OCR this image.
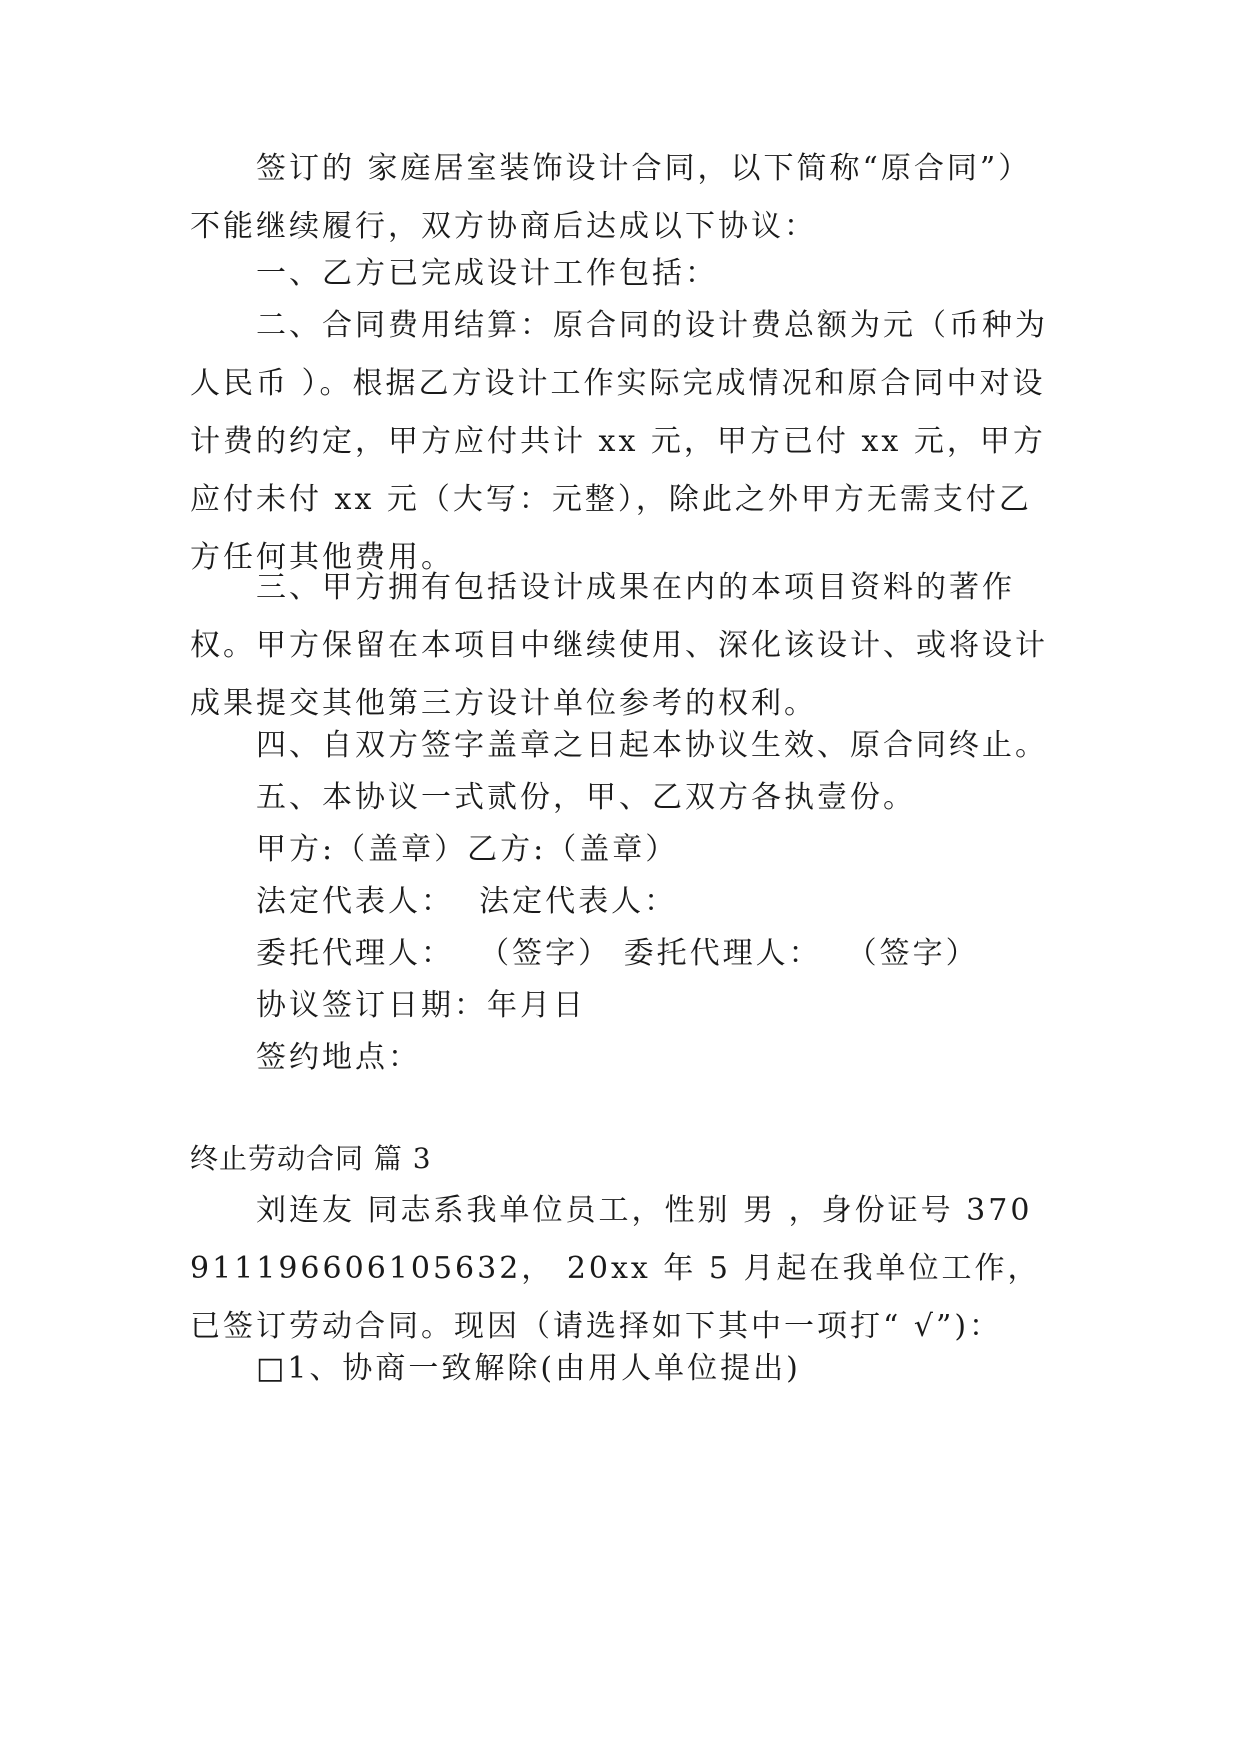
签订的 家庭居室装饰设计合同，以下简称“原合同”）不能继续履行，双方协商后达成以下协议：

一、乙方已完成设计工作包括：

二、合同费用结算：原合同的设计费总额为元（币种为人民币 ）。根据乙方设计工作实际完成情况和原合同中对设计费的约定，甲方应付共计 xx 元，甲方已付 xx 元，甲方应付未付 xx 元（大写：元整），除此之外甲方无需支付乙方任何其他费用。

三、甲方拥有包括设计成果在内的本项目资料的著作权。甲方保留在本项目中继续使用、深化该设计、或将设计成果提交其他第三方设计单位参考的权利。

四、自双方签字盖章之日起本协议生效、原合同终止。

五、本协议一式贰份，甲、乙双方各执壹份。

甲方:（盖章）乙方:（盖章）

法定代表人：  法定代表人：

委托代理人：  （签字） 委托代理人：  （签字）

协议签订日期：年月日

签约地点：

终止劳动合同 篇 3

刘连友 同志系我单位员工，性别 男 ，身份证号 370911196606105632， 20xx 年 5 月起在我单位工作，已签订劳动合同。现因（请选择如下其中一项打“ √”)：

□1、协商一致解除(由用人单位提出)
